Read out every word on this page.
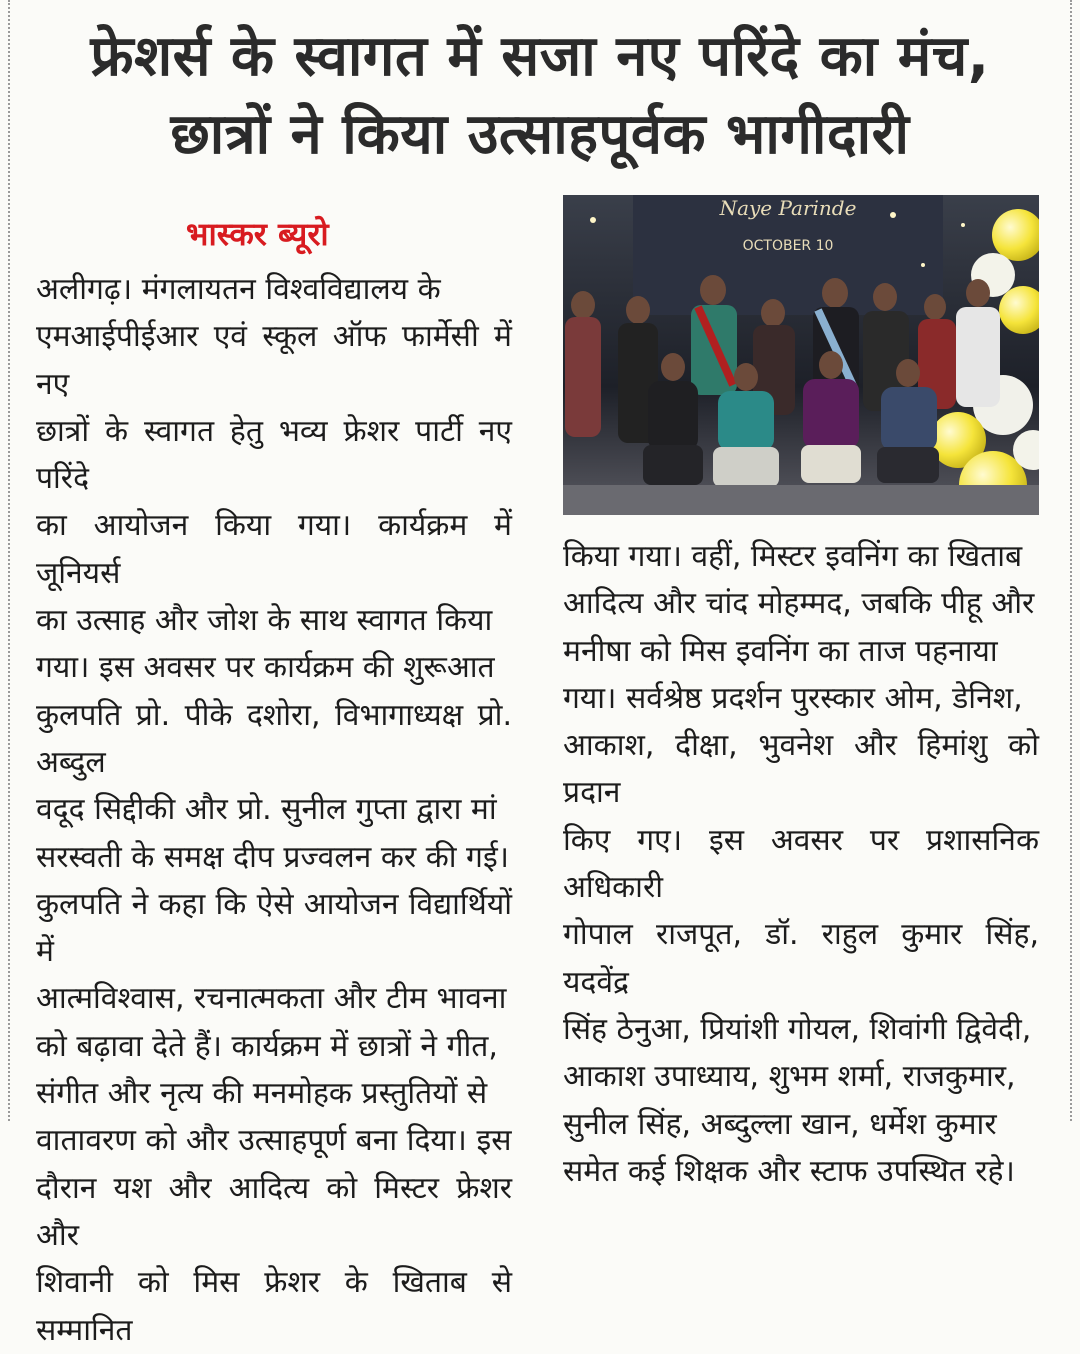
फ्रेशर्स के स्वागत में सजा नए परिंदे का मंच,
छात्रों ने किया उत्साहपूर्वक भागीदारी
भास्कर ब्यूरो
अलीगढ़। मंगलायतन विश्वविद्यालय के
एमआईपीईआर एवं स्कूल ऑफ फार्मेसी में नए
छात्रों के स्वागत हेतु भव्य फ्रेशर पार्टी नए परिंदे
का आयोजन किया गया। कार्यक्रम में जूनियर्स
का उत्साह और जोश के साथ स्वागत किया
गया। इस अवसर पर कार्यक्रम की शुरूआत
कुलपति प्रो. पीके दशोरा, विभागाध्यक्ष प्रो. अब्दुल
वदूद सिद्दीकी और प्रो. सुनील गुप्ता द्वारा मां
सरस्वती के समक्ष दीप प्रज्वलन कर की गई।
कुलपति ने कहा कि ऐसे आयोजन विद्यार्थियों में
आत्मविश्वास, रचनात्मकता और टीम भावना
को बढ़ावा देते हैं। कार्यक्रम में छात्रों ने गीत,
संगीत और नृत्य की मनमोहक प्रस्तुतियों से
वातावरण को और उत्साहपूर्ण बना दिया। इस
दौरान यश और आदित्य को मिस्टर फ्रेशर और
शिवानी को मिस फ्रेशर के खिताब से सम्मानित
Naye Parinde
OCTOBER 10
किया गया। वहीं, मिस्टर इवनिंग का खिताब
आदित्य और चांद मोहम्मद, जबकि पीहू और
मनीषा को मिस इवनिंग का ताज पहनाया
गया। सर्वश्रेष्ठ प्रदर्शन पुरस्कार ओम, डेनिश,
आकाश, दीक्षा, भुवनेश और हिमांशु को प्रदान
किए गए। इस अवसर पर प्रशासनिक अधिकारी
गोपाल राजपूत, डॉ. राहुल कुमार सिंह, यदवेंद्र
सिंह ठेनुआ, प्रियांशी गोयल, शिवांगी द्विवेदी,
आकाश उपाध्याय, शुभम शर्मा, राजकुमार,
सुनील सिंह, अब्दुल्ला खान, धर्मेश कुमार
समेत कई शिक्षक और स्टाफ उपस्थित रहे।
